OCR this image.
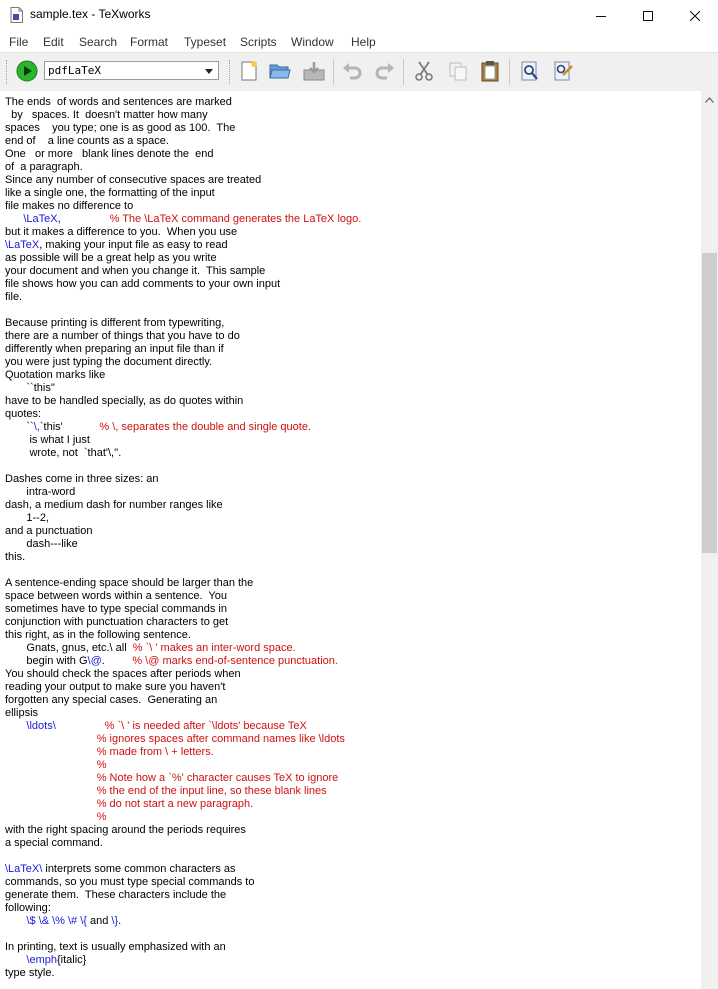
sample.tex - TeXworks
File Edit Search Format Typeset Scripts Window Help
pdfLaTeX
The ends  of words and sentences are marked
by   spaces. It  doesn't matter how many
spaces    you type; one is as good as 100.  The
end of    a line counts as a space.
One   or more   blank lines denote the  end
of  a paragraph.
Since any number of consecutive spaces are treated
like a single one, the formatting of the input
file makes no difference to
\LaTeX,                % The \LaTeX command generates the LaTeX logo.
but it makes a difference to you.  When you use
\LaTeX, making your input file as easy to read
as possible will be a great help as you write
your document and when you change it.  This sample
file shows how you can add comments to your own input
file.
Because printing is different from typewriting,
there are a number of things that you have to do
differently when preparing an input file than if
you were just typing the document directly.
Quotation marks like
``this''
have to be handled specially, as do quotes within
quotes:
``\,`this'            % \, separates the double and single quote.
is what I just
wrote, not  `that'\,''.
Dashes come in three sizes: an
intra-word
dash, a medium dash for number ranges like
1--2,
and a punctuation
dash---like
this.
A sentence-ending space should be larger than the
space between words within a sentence.  You
sometimes have to type special commands in
conjunction with punctuation characters to get
this right, as in the following sentence.
Gnats, gnus, etc.\ all  % `\ ' makes an inter-word space.
begin with G\@.         % \@ marks end-of-sentence punctuation.
You should check the spaces after periods when
reading your output to make sure you haven't
forgotten any special cases.  Generating an
ellipsis
\ldots\	% `\ ' is needed after `\ldots' because TeX
% ignores spaces after command names like \ldots
% made from \ + letters.
%
% Note how a `%' character causes TeX to ignore
% the end of the input line, so these blank lines
% do not start a new paragraph.
%
with the right spacing around the periods requires
a special command.
\LaTeX\ interprets some common characters as
commands, so you must type special commands to
generate them.  These characters include the
following:
\$ \& \% \# \{ and \}.
In printing, text is usually emphasized with an
\emph{italic}
type style.
